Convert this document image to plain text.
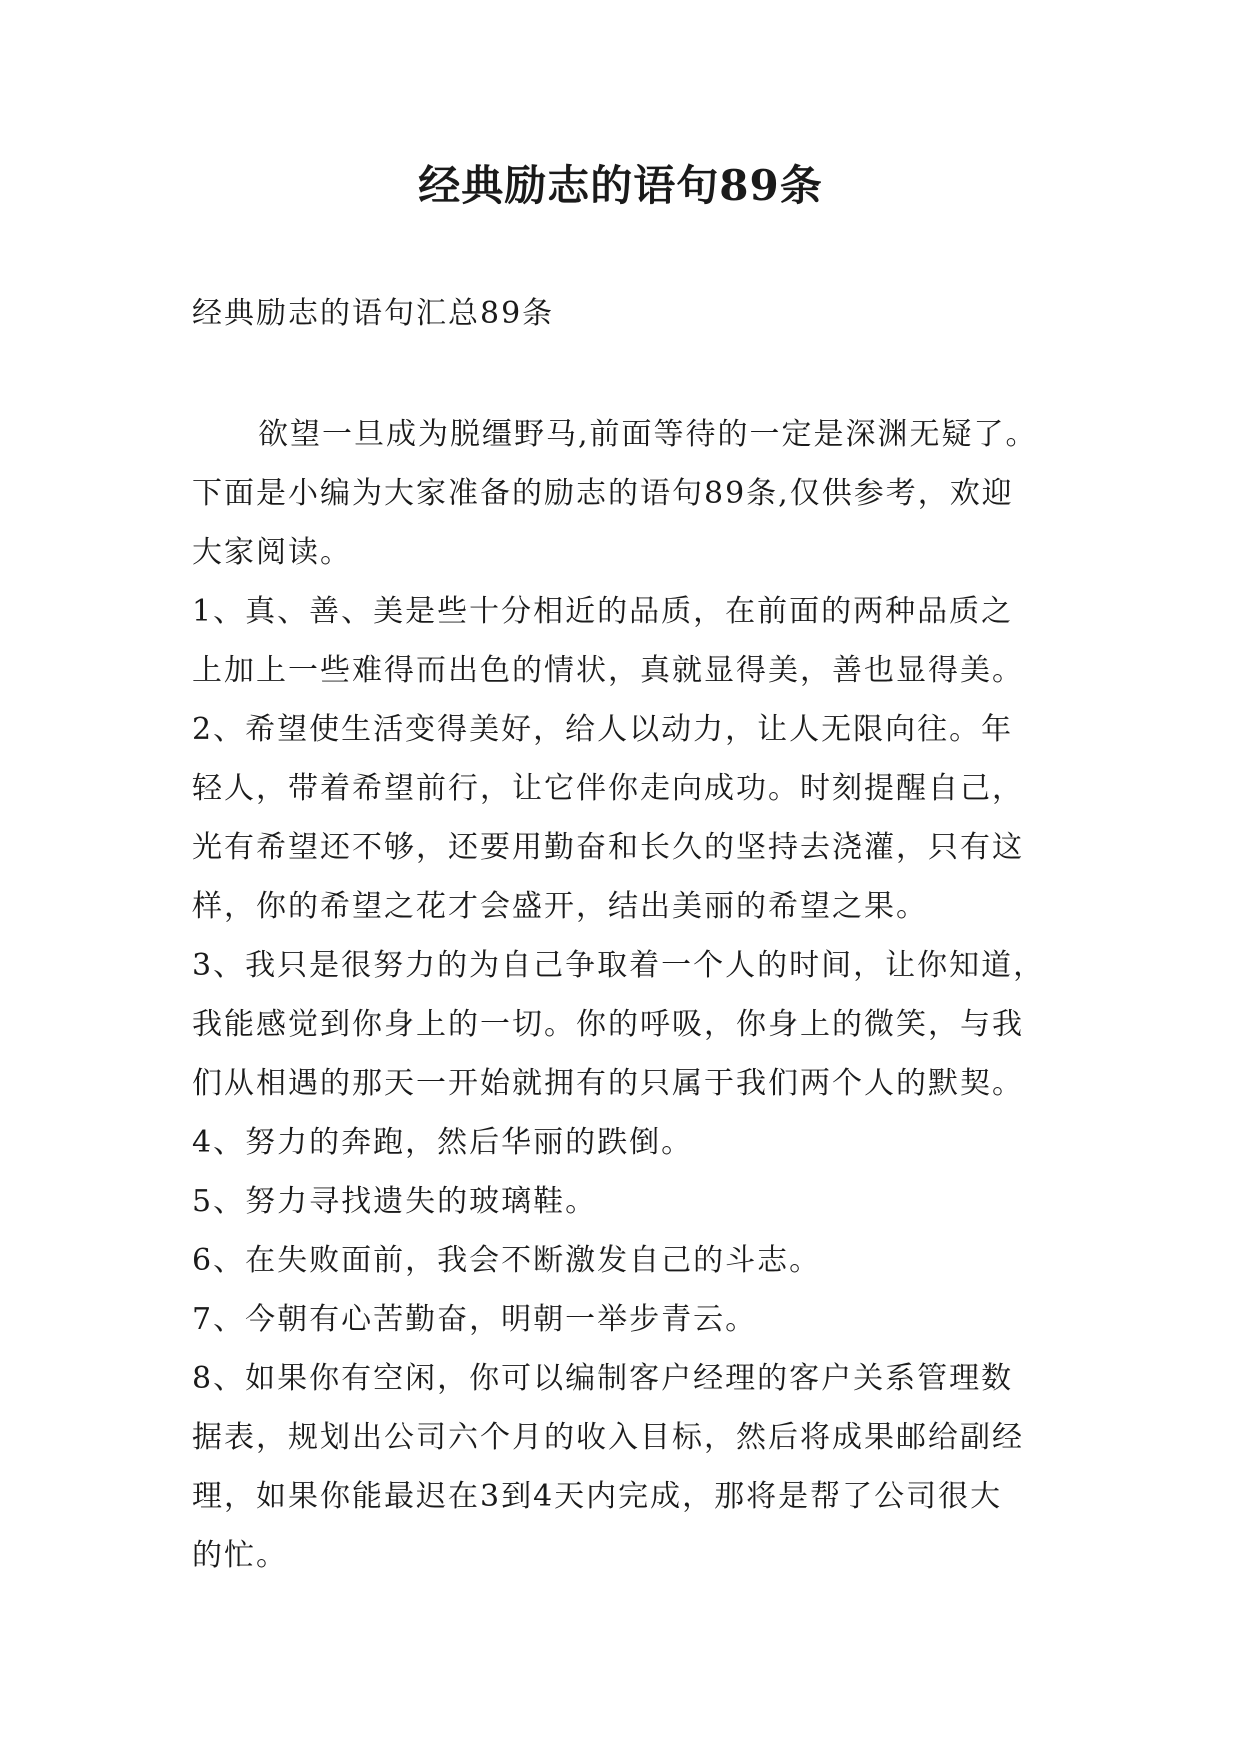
经典励志的语句89条
经典励志的语句汇总89条
欲望一旦成为脱缰野马,前面等待的一定是深渊无疑了。
下面是小编为大家准备的励志的语句89条,仅供参考，欢迎
大家阅读。
1、真、善、美是些十分相近的品质，在前面的两种品质之
上加上一些难得而出色的情状，真就显得美，善也显得美。
2、希望使生活变得美好，给人以动力，让人无限向往。年
轻人，带着希望前行，让它伴你走向成功。时刻提醒自己，
光有希望还不够，还要用勤奋和长久的坚持去浇灌，只有这
样，你的希望之花才会盛开，结出美丽的希望之果。
3、我只是很努力的为自己争取着一个人的时间，让你知道，
我能感觉到你身上的一切。你的呼吸，你身上的微笑，与我
们从相遇的那天一开始就拥有的只属于我们两个人的默契。
4、努力的奔跑，然后华丽的跌倒。
5、努力寻找遗失的玻璃鞋。
6、在失败面前，我会不断激发自己的斗志。
7、今朝有心苦勤奋，明朝一举步青云。
8、如果你有空闲，你可以编制客户经理的客户关系管理数
据表，规划出公司六个月的收入目标，然后将成果邮给副经
理，如果你能最迟在3到4天内完成，那将是帮了公司很大
的忙。
